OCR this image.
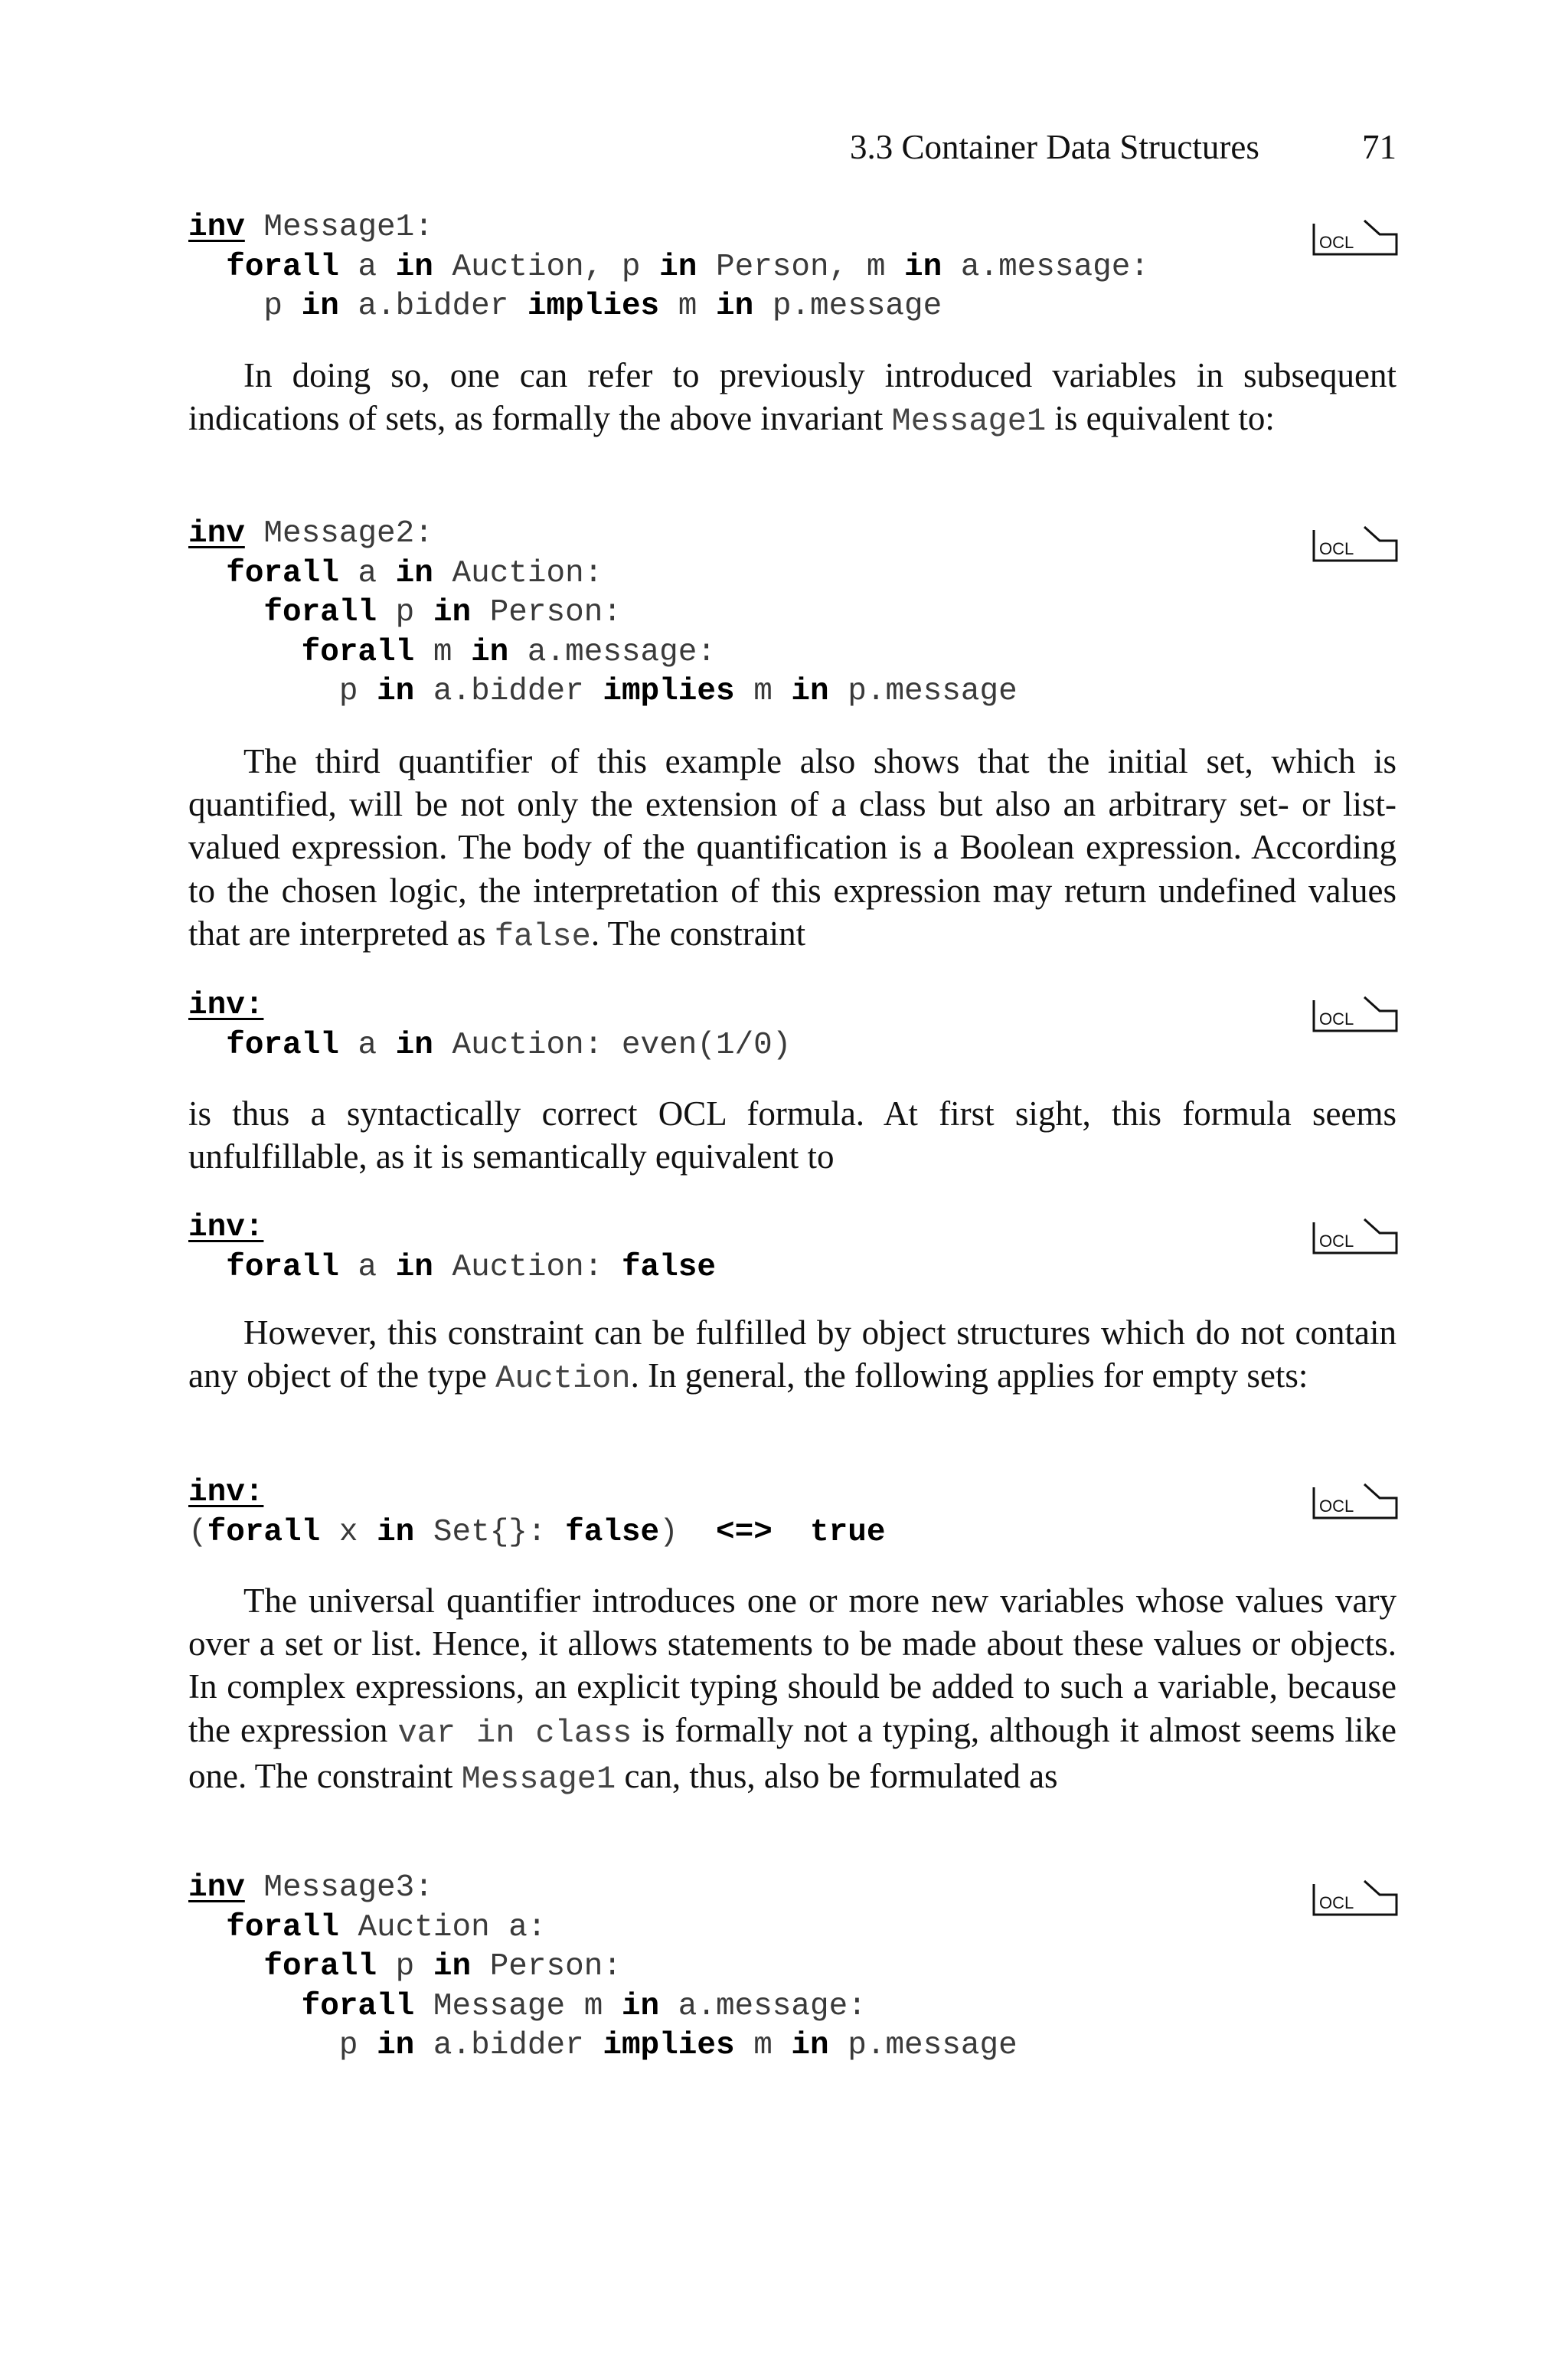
3.3 Container Data Structures	71
inv Message1:
forall a in Auction, p in Person, m in a.message:
p in a.bidder implies m in p.message
OCL

In doing so, one can refer to previously introduced variables in subsequent indications of sets, as formally the above invariant Message1 is equivalent to:

inv Message2:
forall a in Auction:
forall p in Person:
forall m in a.message:
p in a.bidder implies m in p.message
OCL

The third quantifier of this example also shows that the initial set, which is quantified, will be not only the extension of a class but also an arbitrary set- or list-valued expression. The body of the quantification is a Boolean expression. According to the chosen logic, the interpretation of this expression may return undefined values that are interpreted as false. The constraint

inv:
forall a in Auction: even(1/0)
OCL

is thus a syntactically correct OCL formula. At first sight, this formula seems unfulfillable, as it is semantically equivalent to

inv:
forall a in Auction: false
OCL

However, this constraint can be fulfilled by object structures which do not contain any object of the type Auction. In general, the following applies for empty sets:

inv:
(forall x in Set{}: false) <=> true
OCL

The universal quantifier introduces one or more new variables whose values vary over a set or list. Hence, it allows statements to be made about these values or objects. In complex expressions, an explicit typing should be added to such a variable, because the expression var in class is formally not a typing, although it almost seems like one. The constraint Message1 can, thus, also be formulated as

inv Message3:
forall Auction a:
forall p in Person:
forall Message m in a.message:
p in a.bidder implies m in p.message
OCL
